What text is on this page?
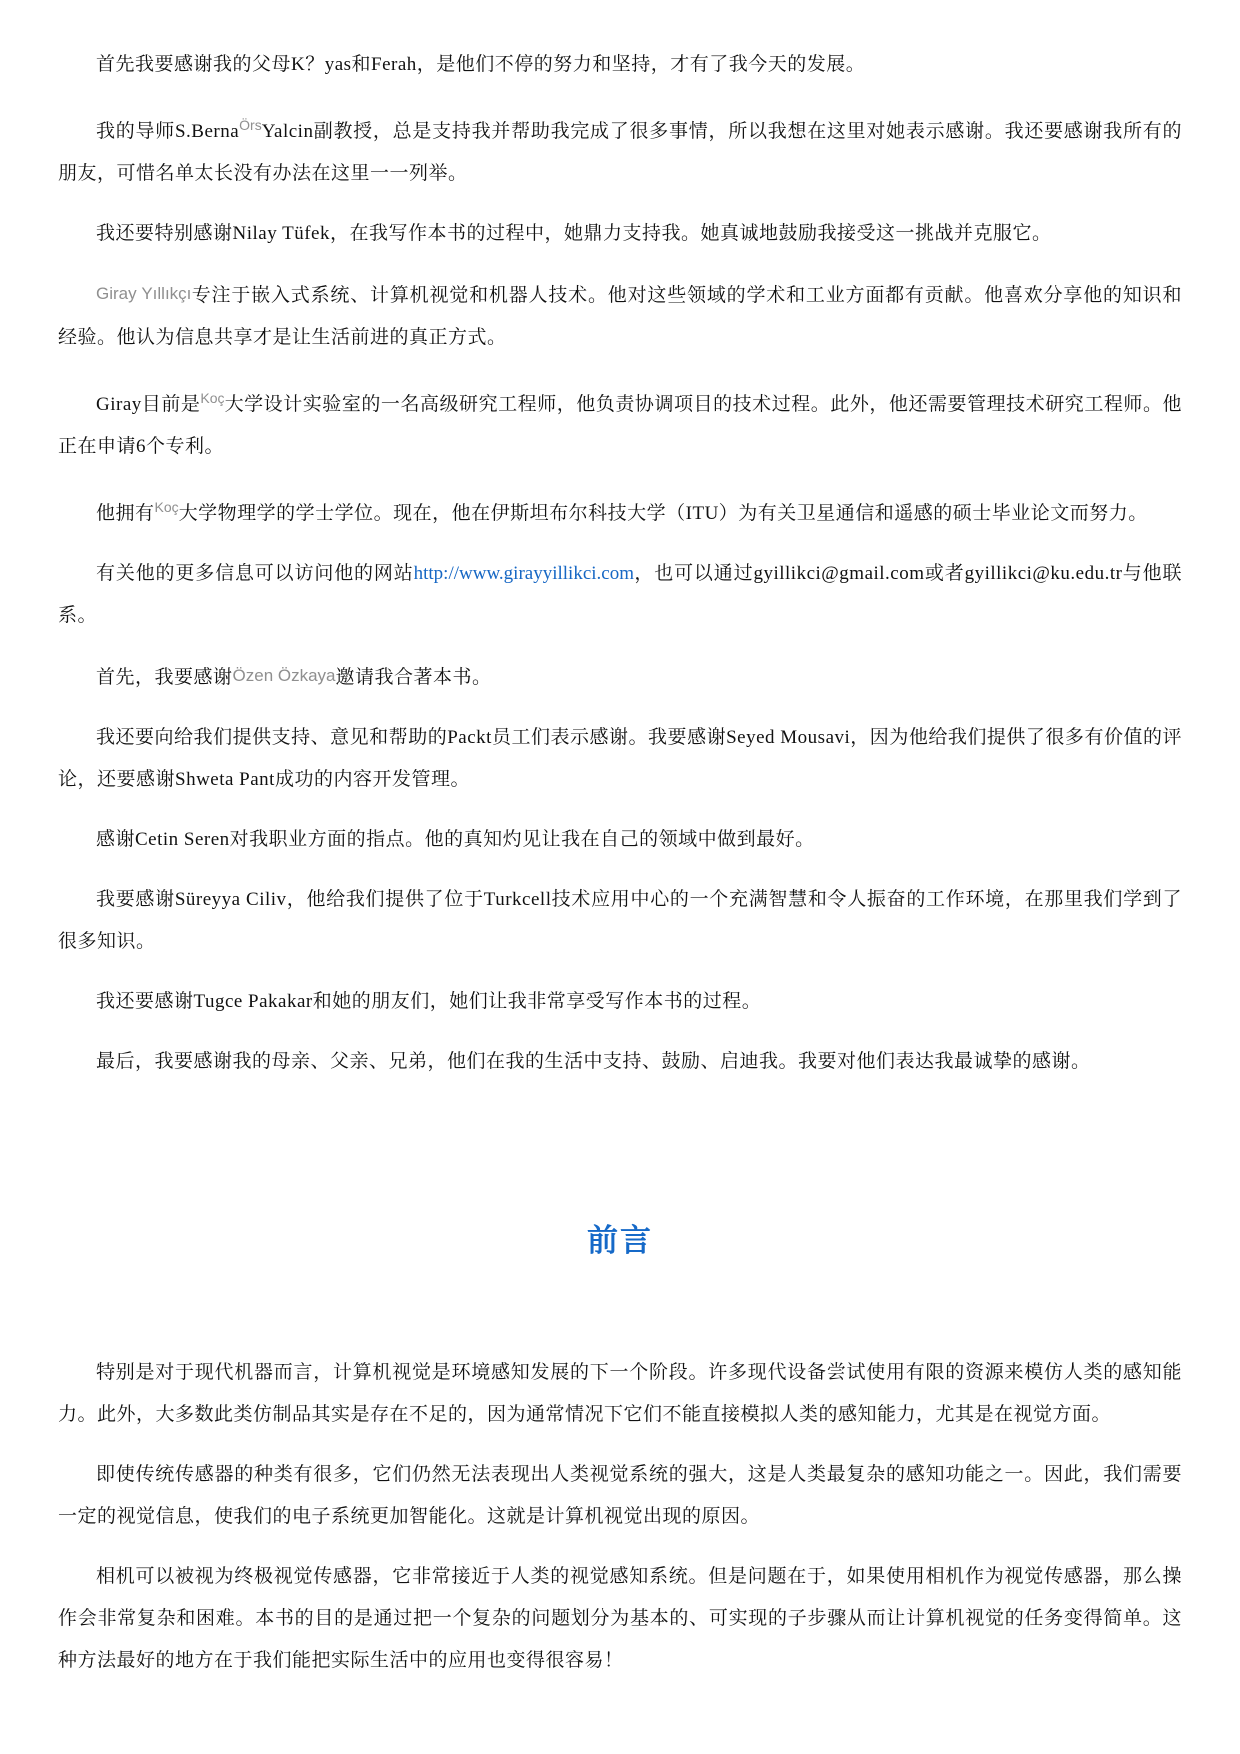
首先我要感谢我的父母K？yas和Ferah，是他们不停的努力和坚持，才有了我今天的发展。

我的导师S.Berna$^{Örs}$Yalcin副教授，总是支持我并帮助我完成了很多事情，所以我想在这里对她表示感谢。我还要感谢我所有的朋友，可惜名单太长没有办法在这里一一列举。

我还要特别感谢Nilay Tüfek，在我写作本书的过程中，她鼎力支持我。她真诚地鼓励我接受这一挑战并克服它。

Giray Yıllıkçı专注于嵌入式系统、计算机视觉和机器人技术。他对这些领域的学术和工业方面都有贡献。他喜欢分享他的知识和经验。他认为信息共享才是让生活前进的真正方式。

Giray目前是$^{Koç}$大学设计实验室的一名高级研究工程师，他负责协调项目的技术过程。此外，他还需要管理技术研究工程师。他正在申请6个专利。

他拥有$^{Koç}$大学物理学的学士学位。现在，他在伊斯坦布尔科技大学（ITU）为有关卫星通信和遥感的硕士毕业论文而努力。

有关他的更多信息可以访问他的网站http://www.girayyillikci.com，也可以通过gyillikci@gmail.com或者gyillikci@ku.edu.tr与他联系。

首先，我要感谢Özen Özkaya邀请我合著本书。

我还要向给我们提供支持、意见和帮助的Packt员工们表示感谢。我要感谢Seyed Mousavi，因为他给我们提供了很多有价值的评论，还要感谢Shweta Pant成功的内容开发管理。

感谢Cetin Seren对我职业方面的指点。他的真知灼见让我在自己的领域中做到最好。

我要感谢Süreyya Ciliv，他给我们提供了位于Turkcell技术应用中心的一个充满智慧和令人振奋的工作环境，在那里我们学到了很多知识。

我还要感谢Tugce Pakakar和她的朋友们，她们让我非常享受写作本书的过程。

最后，我要感谢我的母亲、父亲、兄弟，他们在我的生活中支持、鼓励、启迪我。我要对他们表达我最诚挚的感谢。

前言

特别是对于现代机器而言，计算机视觉是环境感知发展的下一个阶段。许多现代设备尝试使用有限的资源来模仿人类的感知能力。此外，大多数此类仿制品其实是存在不足的，因为通常情况下它们不能直接模拟人类的感知能力，尤其是在视觉方面。

即使传统传感器的种类有很多，它们仍然无法表现出人类视觉系统的强大，这是人类最复杂的感知功能之一。因此，我们需要一定的视觉信息，使我们的电子系统更加智能化。这就是计算机视觉出现的原因。

相机可以被视为终极视觉传感器，它非常接近于人类的视觉感知系统。但是问题在于，如果使用相机作为视觉传感器，那么操作会非常复杂和困难。本书的目的是通过把一个复杂的问题划分为基本的、可实现的子步骤从而让计算机视觉的任务变得简单。这种方法最好的地方在于我们能把实际生活中的应用也变得很容易！
